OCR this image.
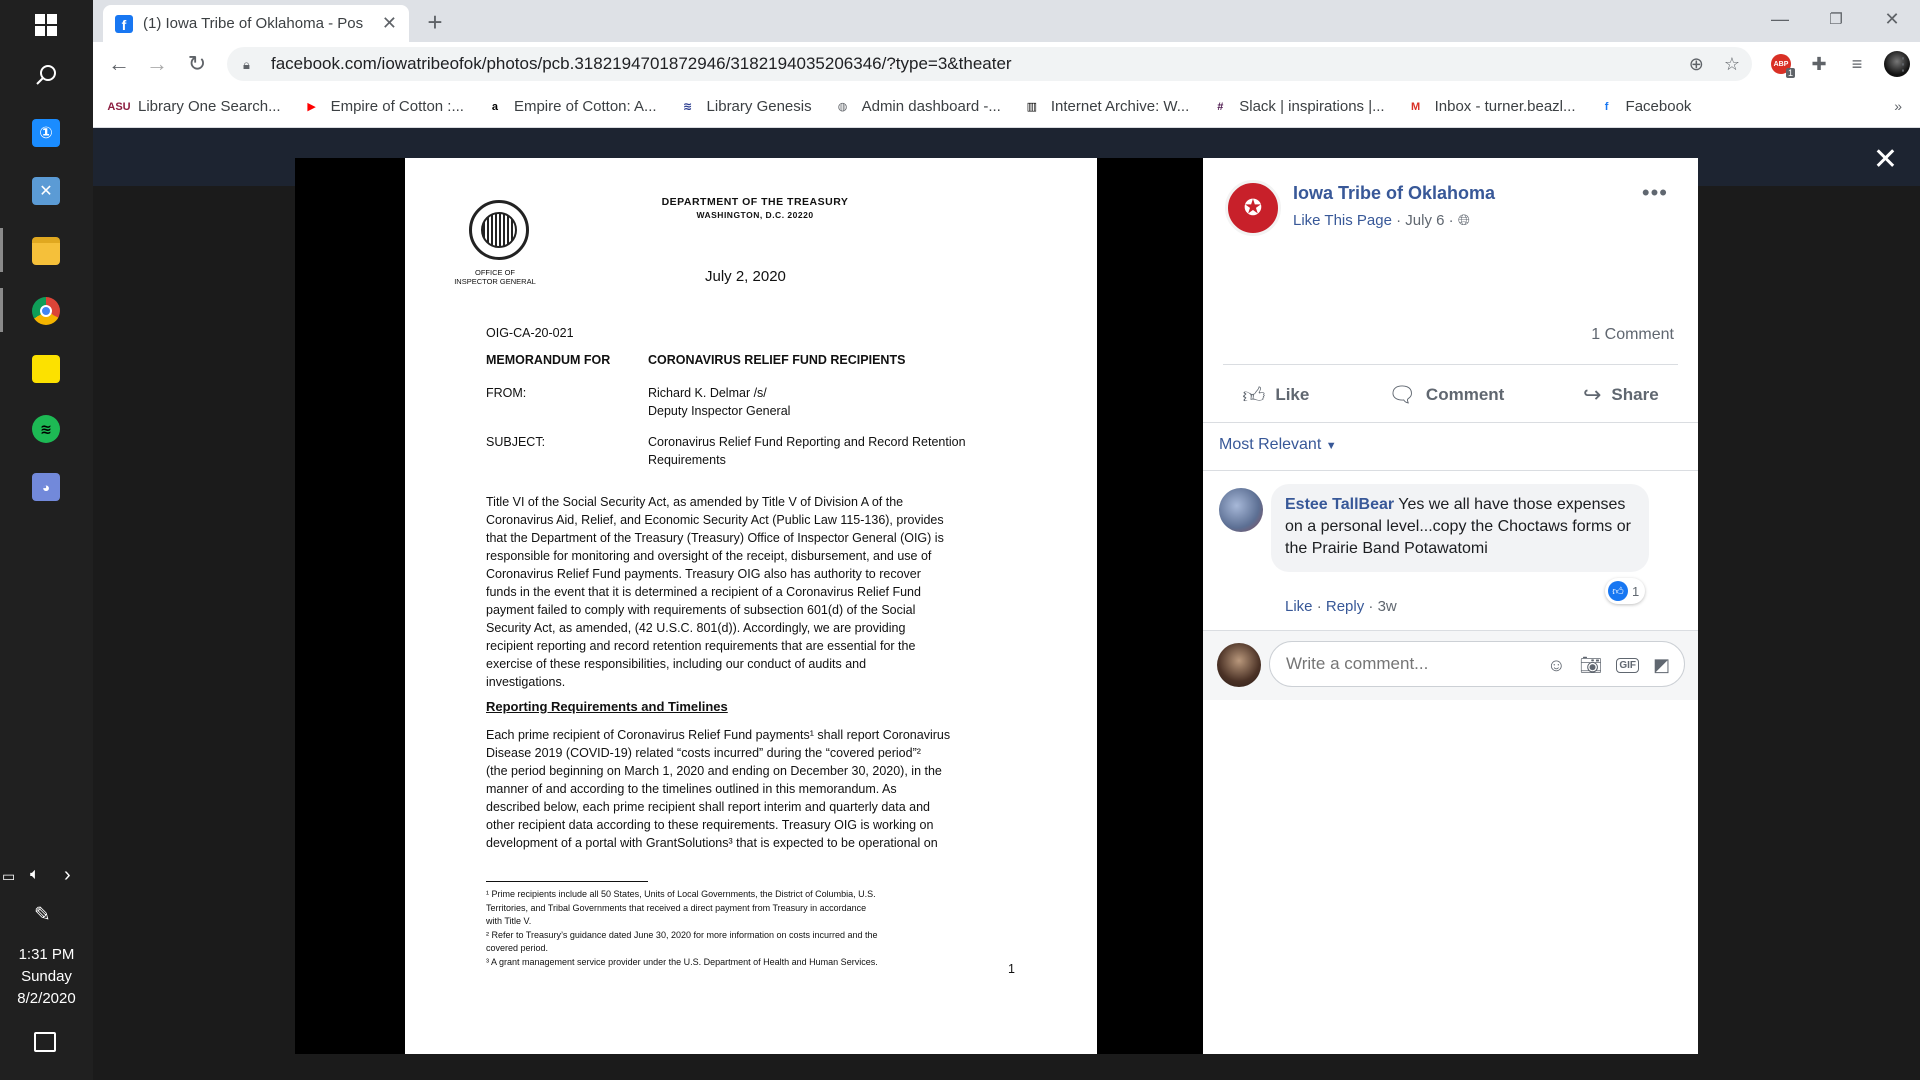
①
✕
≋
◕
▭ 🔈︎ ›
✎
1:31 PM
Sunday
8/2/2020
f	(1) Iowa Tribe of Oklahoma - Pos	✕	+	—	❐	✕
← → ↻	🔒︎	facebook.com/iowatribeofok/photos/pcb.3182194701872946/3182194035206346/?type=3&theater	⊕ ☆	ABP
1	✚	≡	⋮
ASU Library One Search...	▶ Empire of Cotton :...	a	Empire of Cotton: A...	≋ Library Genesis	◍ Admin dashboard -...	▥ Internet Archive: W...	#	Slack | inspirations |...	M Inbox - turner.beazl...	f	Facebook	»
✕
OFFICE OF
INSPECTOR GENERAL
DEPARTMENT OF THE TREASURY
WASHINGTON, D.C. 20220
July 2, 2020
OIG-CA-20-021
MEMORANDUM FOR	CORONAVIRUS RELIEF FUND RECIPIENTS
FROM:	Richard K. Delmar /s/
Deputy Inspector General
SUBJECT:	Coronavirus Relief Fund Reporting and Record Retention
Requirements
Title VI of the Social Security Act, as amended by Title V of Division A of the
Coronavirus Aid, Relief, and Economic Security Act (Public Law 115-136), provides
that the Department of the Treasury (Treasury) Office of Inspector General (OIG) is
responsible for monitoring and oversight of the receipt, disbursement, and use of
Coronavirus Relief Fund payments. Treasury OIG also has authority to recover
funds in the event that it is determined a recipient of a Coronavirus Relief Fund
payment failed to comply with requirements of subsection 601(d) of the Social
Security Act, as amended, (42 U.S.C. 801(d)). Accordingly, we are providing
recipient reporting and record retention requirements that are essential for the
exercise of these responsibilities, including our conduct of audits and
investigations.
Reporting Requirements and Timelines
Each prime recipient of Coronavirus Relief Fund payments¹ shall report Coronavirus
Disease 2019 (COVID-19) related “costs incurred” during the “covered period”²
(the period beginning on March 1, 2020 and ending on December 30, 2020), in the
manner of and according to the timelines outlined in this memorandum. As
described below, each prime recipient shall report interim and quarterly data and
other recipient data according to these requirements. Treasury OIG is working on
development of a portal with GrantSolutions³ that is expected to be operational on
¹ Prime recipients include all 50 States, Units of Local Governments, the District of Columbia, U.S.
Territories, and Tribal Governments that received a direct payment from Treasury in accordance
with Title V.
² Refer to Treasury’s guidance dated June 30, 2020 for more information on costs incurred and the
covered period.
³ A grant management service provider under the U.S. Department of Health and Human Services.
1
✪
Iowa Tribe of Oklahoma
Like This Page · July 6 · 🌐︎
•••
1 Comment
👍︎ Like	🗨︎ Comment	↪ Share
Most Relevant ▼
Estee TallBear Yes we all have those expenses on a personal level...copy the Choctaws forms or the Prairie Band Potawatomi
👍︎ 1
Like · Reply · 3w
Write a comment...
☺ 📷︎	GIF ◩
